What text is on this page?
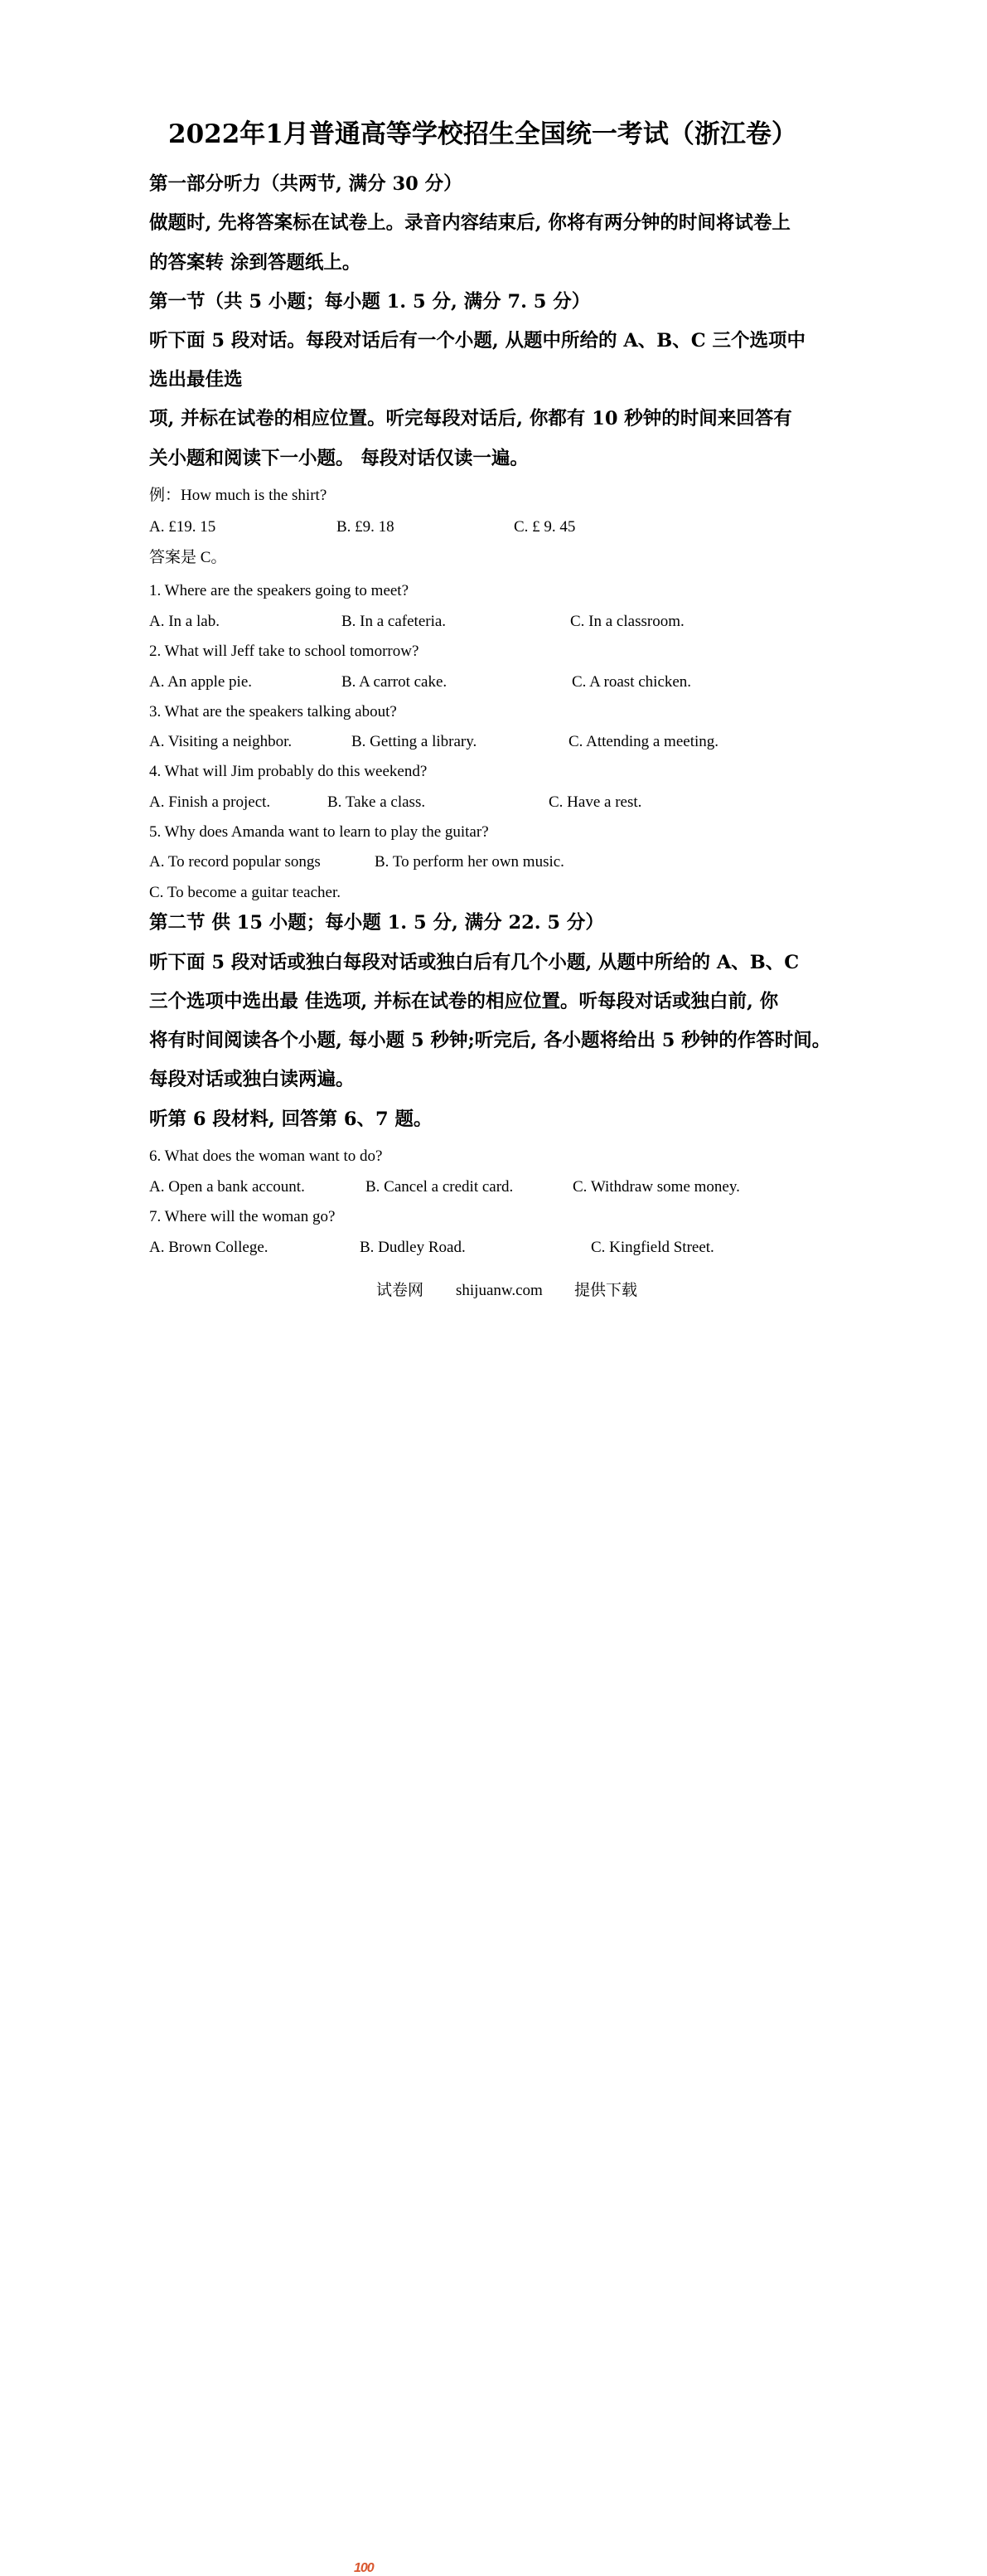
2022年1月普通高等学校招生全国统一考试（浙江卷）
第一部分听力（共两节, 满分 30 分）
做题时, 先将答案标在试卷上。录音内容结束后, 你将有两分钟的时间将试卷上
的答案转 涂到答题纸上。
第一节（共 5 小题；每小题 1. 5 分, 满分 7. 5 分）
听下面 5 段对话。每段对话后有一个小题, 从题中所给的 A、B、C 三个选项中
选出最佳选
项, 并标在试卷的相应位置。听完每段对话后, 你都有 10 秒钟的时间来回答有
关小题和阅读下一小题。 每段对话仅读一遍。
例：How much is the shirt?
A. £19. 15	B. £9. 18	C. £ 9. 45
答案是 C。
1. Where are the speakers going to meet?
A. In a lab.	B. In a cafeteria.	C. In a classroom.
2. What will Jeff take to school tomorrow?
A. An apple pie.	B. A carrot cake.	C. A roast chicken.
3. What are the speakers talking about?
A. Visiting a neighbor.	B. Getting a library.	C. Attending a meeting.
4. What will Jim probably do this weekend?
A. Finish a project.	B. Take a class.	C. Have a rest.
5. Why does Amanda want to learn to play the guitar?
A. To record popular songs	B. To perform her own music.
C. To become a guitar teacher.
第二节 供 15 小题；每小题 1. 5 分, 满分 22. 5 分）
听下面 5 段对话或独白每段对话或独白后有几个小题, 从题中所给的 A、B、C
三个选项中选出最 佳选项, 并标在试卷的相应位置。听每段对话或独白前, 你
将有时间阅读各个小题, 每小题 5 秒钟;听完后, 各小题将给出 5 秒钟的作答时间。
每段对话或独白读两遍。
听第 6 段材料, 回答第 6、7 题。
6. What does the woman want to do?
A. Open a bank account.	B. Cancel a credit card.	C. Withdraw some money.
7. Where will the woman go?
A. Brown College.	B. Dudley Road.	C. Kingfield Street.
100
试卷网 shijuanw.com 提供下载
